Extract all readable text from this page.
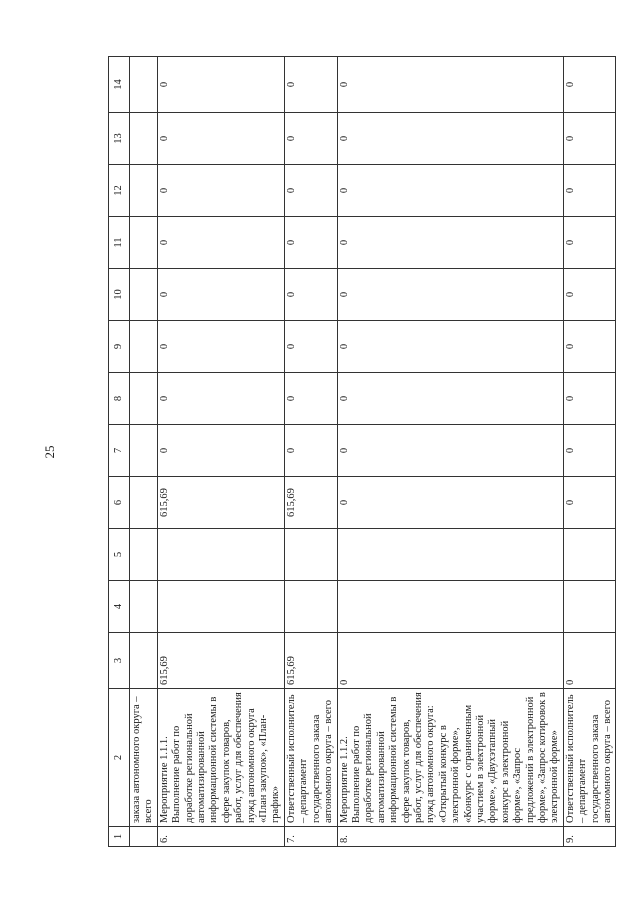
25
1	2	3	4	5	6	7	8	9	10	11	12	13	14
	заказа автономного округа – всего												
6.	Мероприятие 1.1.1. Выполнение работ по доработке региональной автоматизированной информационной системы в сфере закупок товаров, работ, услуг для обеспечения нужд автономного округа «План закупок», «План-график»	615,69			615,69	0	0	0	0	0	0	0	0
7.	Ответственный исполнитель – департамент государственного заказа автономного округа – всего	615,69			615,69	0	0	0	0	0	0	0	0
8.	Мероприятие 1.1.2. Выполнение работ по доработке региональной автоматизированной информационной системы в сфере закупок товаров, работ, услуг для обеспечения нужд автономного округа: «Открытый конкурс в электронной форме», «Конкурс с ограниченным участием в электронной форме», «Двухэтапный конкурс в электронной форме», «Запрос предложений в электронной форме», «Запрос котировок в электронной форме»	0			0	0	0	0	0	0	0	0	0
9.	Ответственный исполнитель – департамент государственного заказа автономного округа – всего	0			0	0	0	0	0	0	0	0	0
